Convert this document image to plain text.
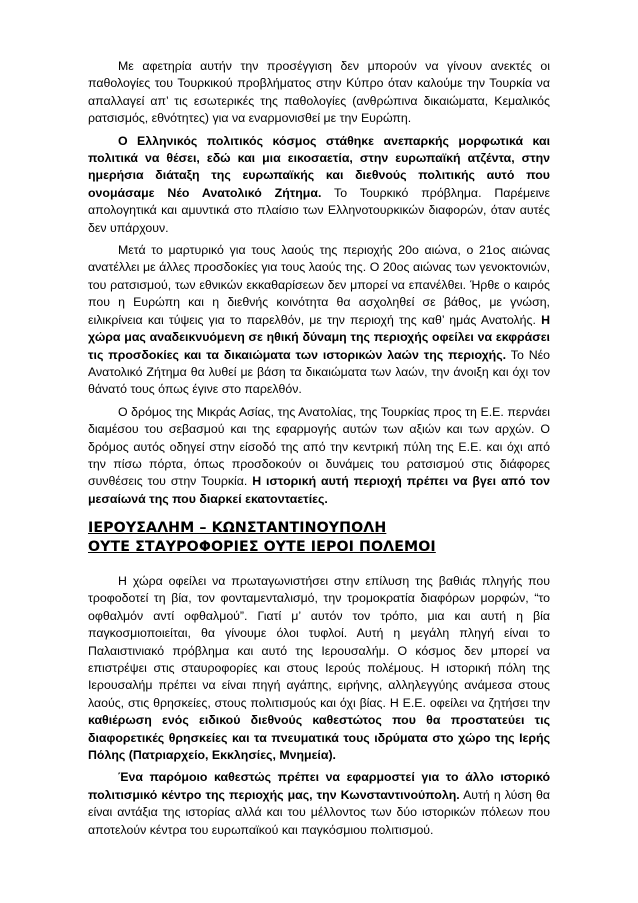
Με αφετηρία αυτήν την προσέγγιση δεν μπορούν να γίνουν ανεκτές οι παθολογίες του Τουρκικού προβλήματος στην Κύπρο όταν καλούμε την Τουρκία να απαλλαγεί απ’ τις εσωτερικές της παθολογίες (ανθρώπινα δικαιώματα, Κεμαλικός ρατσισμός, εθνότητες) για να εναρμονισθεί με την Ευρώπη.

Ο Ελληνικός πολιτικός κόσμος στάθηκε ανεπαρκής μορφωτικά και πολιτικά να θέσει, εδώ και μια εικοσαετία, στην ευρωπαϊκή ατζέντα, στην ημερήσια διάταξη της ευρωπαϊκής και διεθνούς πολιτικής αυτό που ονομάσαμε Νέο Ανατολικό Ζήτημα. Το Τουρκικό πρόβλημα. Παρέμεινε απολογητικά και αμυντικά στο πλαίσιο των Ελληνοτουρκικών διαφορών, όταν αυτές δεν υπάρχουν.

Μετά το μαρτυρικό για τους λαούς της περιοχής 20ο αιώνα, ο 21ος αιώνας ανατέλλει με άλλες προσδοκίες για τους λαούς της. Ο 20ος αιώνας των γενοκτονιών, του ρατσισμού, των εθνικών εκκαθαρίσεων δεν μπορεί να επανέλθει. Ήρθε ο καιρός που η Ευρώπη και η διεθνής κοινότητα θα ασχοληθεί σε βάθος, με γνώση, ειλικρίνεια και τύψεις για το παρελθόν, με την περιοχή της καθ’ ημάς Ανατολής. Η χώρα μας αναδεικνυόμενη σε ηθική δύναμη της περιοχής οφείλει να εκφράσει τις προσδοκίες και τα δικαιώματα των ιστορικών λαών της περιοχής. Το Νέο Ανατολικό Ζήτημα θα λυθεί με βάση τα δικαιώματα των λαών, την άνοιξη και όχι τον θάνατό τους όπως έγινε στο παρελθόν.

Ο δρόμος της Μικράς Ασίας, της Ανατολίας, της Τουρκίας προς τη Ε.Ε. περνάει διαμέσου του σεβασμού και της εφαρμογής αυτών των αξιών και των αρχών. Ο δρόμος αυτός οδηγεί στην είσοδό της από την κεντρική πύλη της Ε.Ε. και όχι από την πίσω πόρτα, όπως προσδοκούν οι δυνάμεις του ρατσισμού στις διάφορες συνθέσεις του στην Τουρκία. Η ιστορική αυτή περιοχή πρέπει να βγει από τον μεσαίωνά της που διαρκεί εκατονταετίες.

ΙΕΡΟΥΣΑΛΗΜ – ΚΩΝΣΤΑΝΤΙΝΟΥΠΟΛΗ

ΟΥΤΕ ΣΤΑΥΡΟΦΟΡΙΕΣ ΟΥΤΕ ΙΕΡΟΙ ΠΟΛΕΜΟΙ

Η χώρα οφείλει να πρωταγωνιστήσει στην επίλυση της βαθιάς πληγής που τροφοδοτεί τη βία, τον φονταμενταλισμό, την τρομοκρατία διαφόρων μορφών, “το οφθαλμόν αντί οφθαλμού”. Γιατί μ’ αυτόν τον τρόπο, μια και αυτή η βία παγκοσμιοποιείται, θα γίνουμε όλοι τυφλοί. Αυτή η μεγάλη πληγή είναι το Παλαιστινιακό πρόβλημα και αυτό της Ιερουσαλήμ. Ο κόσμος δεν μπορεί να επιστρέψει στις σταυροφορίες και στους Ιερούς πολέμους. Η ιστορική πόλη της Ιερουσαλήμ πρέπει να είναι πηγή αγάπης, ειρήνης, αλληλεγγύης ανάμεσα στους λαούς, στις θρησκείες, στους πολιτισμούς και όχι βίας. Η Ε.Ε. οφείλει να ζητήσει την καθιέρωση ενός ειδικού διεθνούς καθεστώτος που θα προστατεύει τις διαφορετικές θρησκείες και τα πνευματικά τους ιδρύματα στο χώρο της Ιερής Πόλης (Πατριαρχείο, Εκκλησίες, Μνημεία).

Ένα παρόμοιο καθεστώς πρέπει να εφαρμοστεί για το άλλο ιστορικό πολιτισμικό κέντρο της περιοχής μας, την Κωνσταντινούπολη. Αυτή η λύση θα είναι αντάξια της ιστορίας αλλά και του μέλλοντος των δύο ιστορικών πόλεων που αποτελούν κέντρα του ευρωπαϊκού και παγκόσμιου πολιτισμού.
